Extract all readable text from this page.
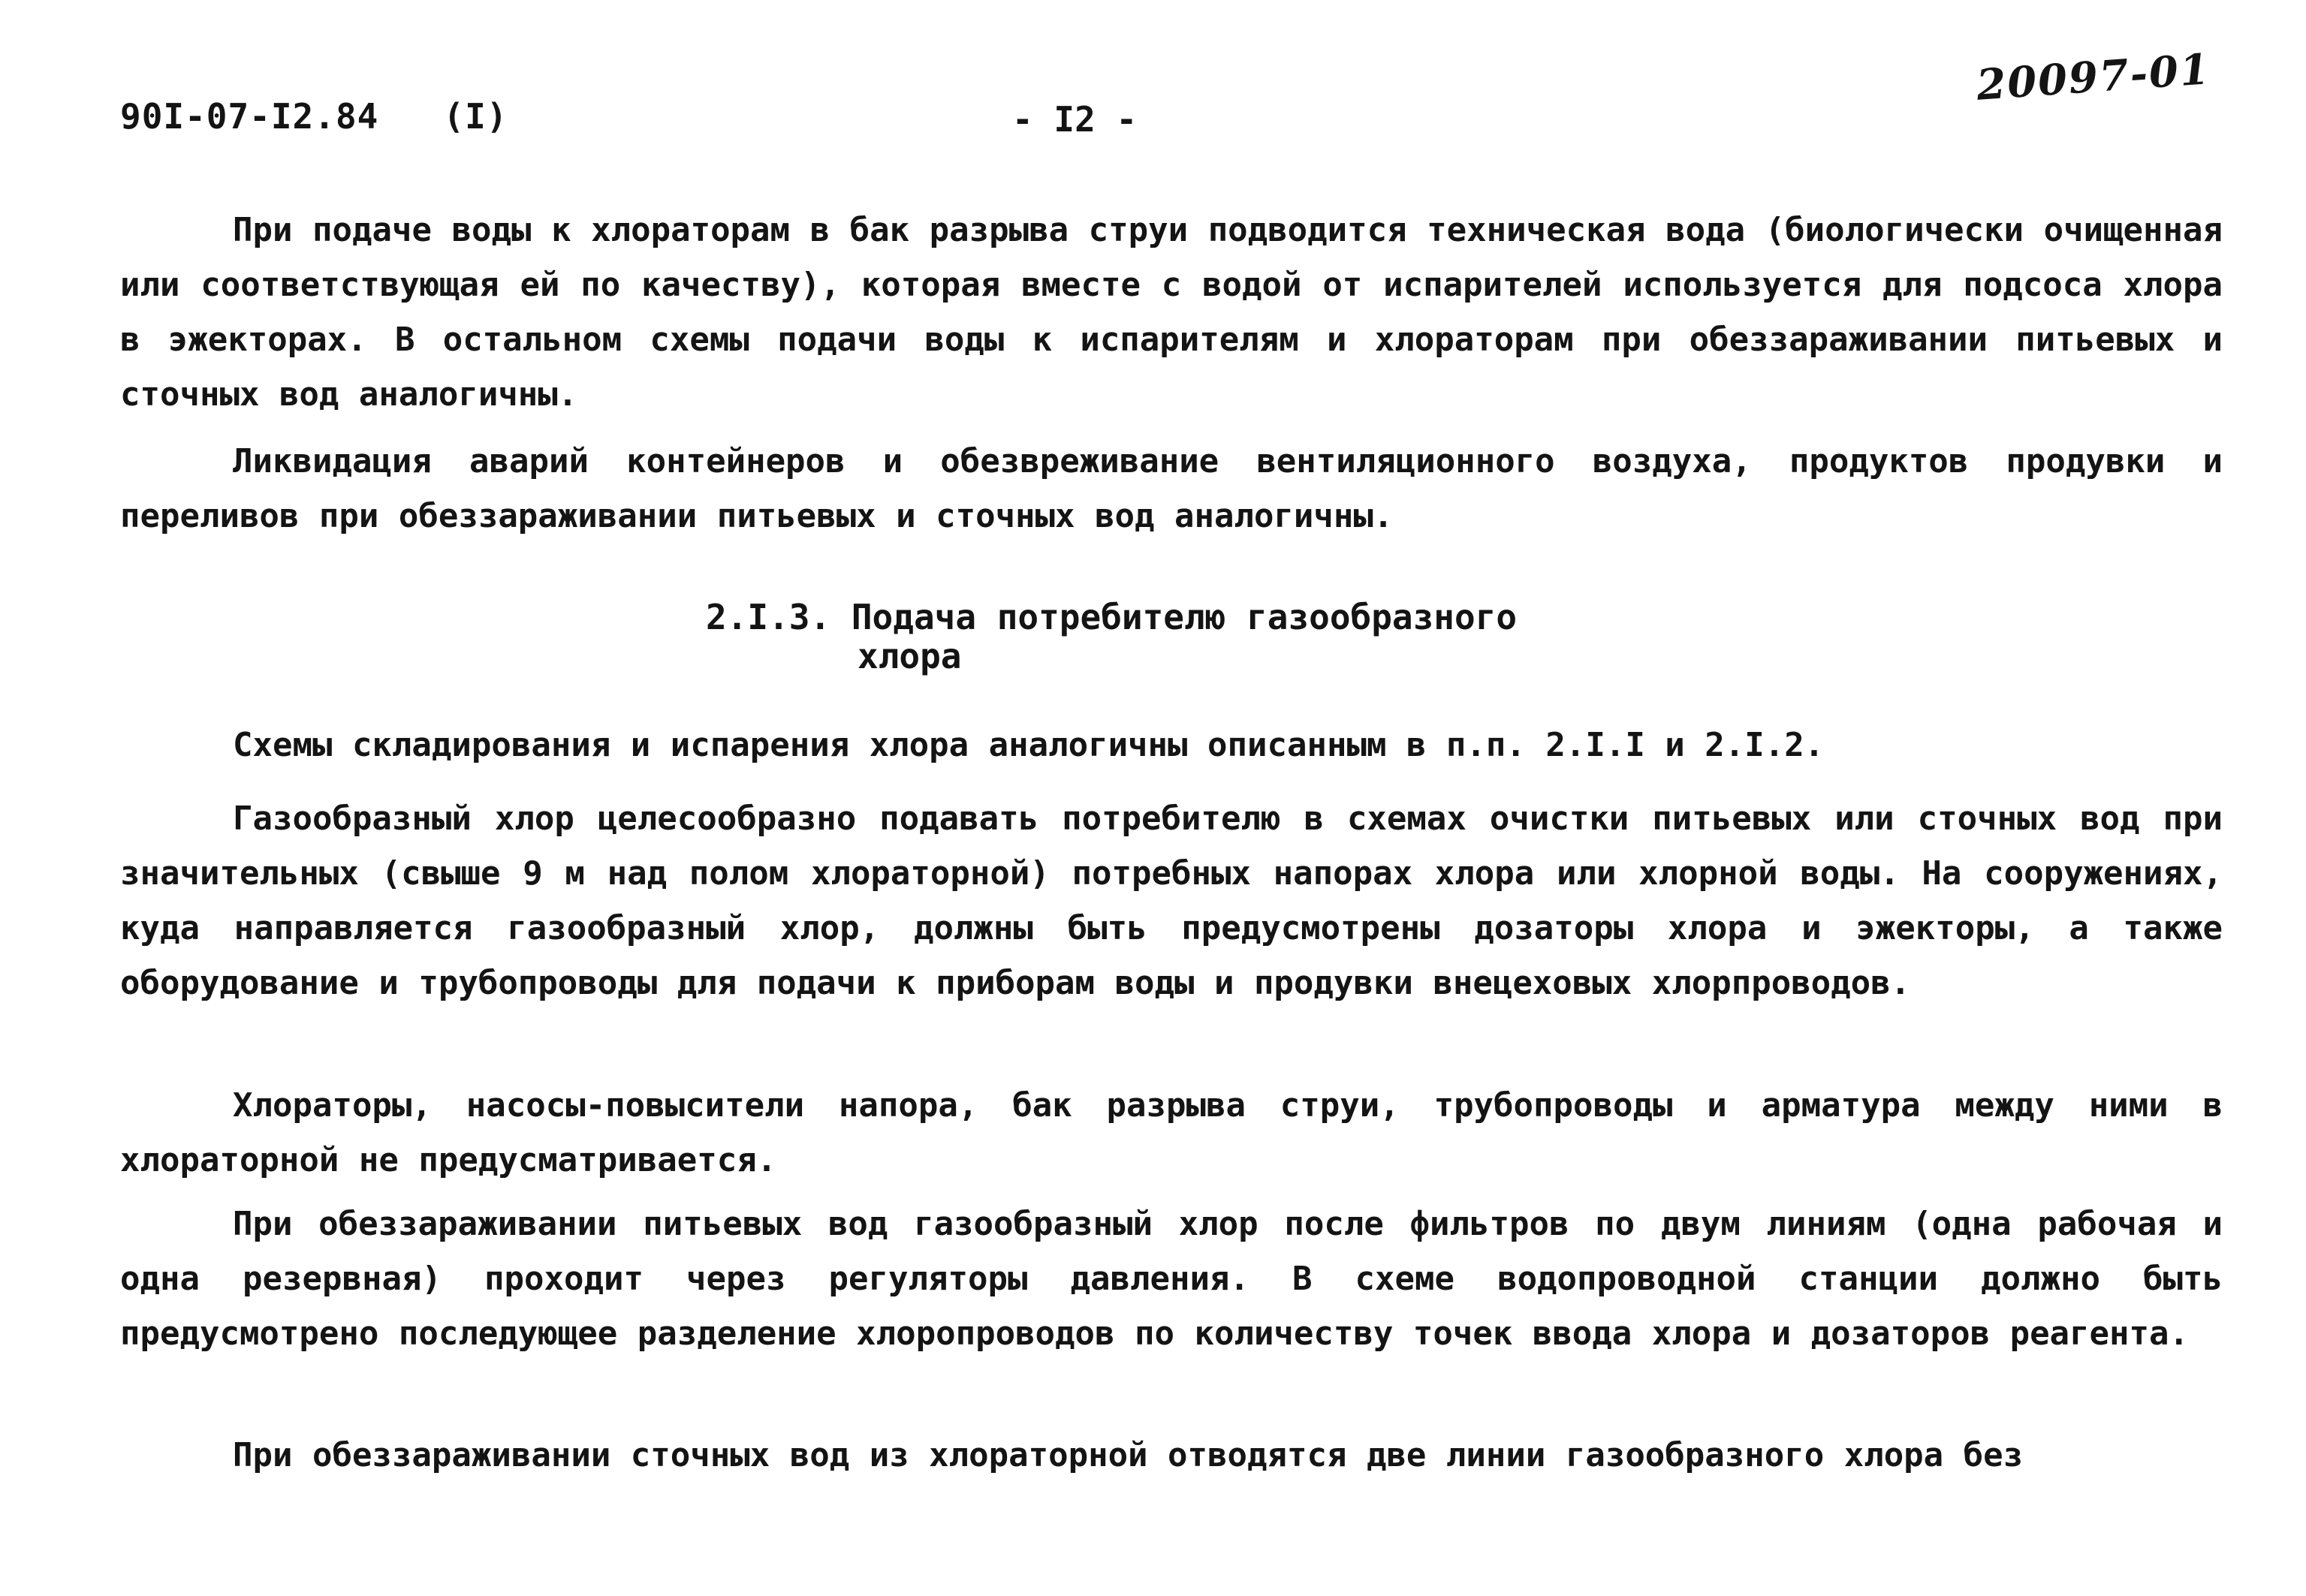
90I-07-I2.84   (I)	- I2 -
20097-01

При подаче воды к хлораторам в бак разрыва струи подводится техническая вода (биологически очищенная или соответствующая ей по качеству), которая вместе с водой от испарителей используется для подсоса хлора в эжекторах. В остальном схемы подачи воды к испарителям и хлораторам при обеззараживании питьевых и сточных вод аналогичны.

Ликвидация аварий контейнеров и обезвреживание вентиляционного воздуха, продуктов продувки и переливов при обеззараживании питьевых и сточных вод аналогичны.

2.I.3. Подача потребителю газообразного
хлора

Схемы складирования и испарения хлора аналогичны описанным в п.п. 2.I.I и 2.I.2.

Газообразный хлор целесообразно подавать потребителю в схемах очистки питьевых или сточных вод при значительных (свыше 9 м над полом хлораторной) потребных напорах хлора или хлорной воды. На сооружениях, куда направляется газообразный хлор, должны быть предусмотрены дозаторы хлора и эжекторы, а также оборудование и трубопроводы для подачи к приборам воды и продувки внецеховых хлорпроводов.

Хлораторы, насосы-повысители напора, бак разрыва струи, трубопроводы и арматура между ними в хлораторной не предусматривается.

При обеззараживании питьевых вод газообразный хлор после фильтров по двум линиям (одна рабочая и одна резервная) проходит через регуляторы давления. В схеме водопроводной станции должно быть предусмотрено последующее разделение хлоропроводов по количеству точек ввода хлора и дозаторов реагента.

При обеззараживании сточных вод из хлораторной отводятся две линии газообразного хлора без
